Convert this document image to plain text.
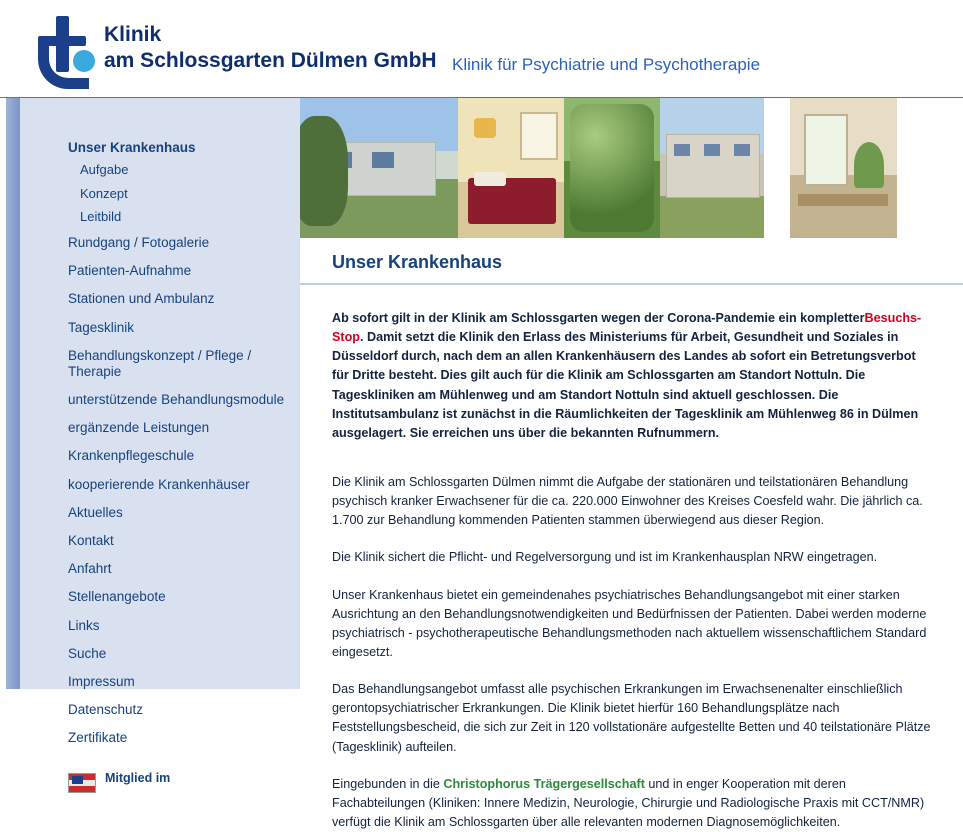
Klinik
am Schlossgarten Dülmen GmbH Klinik für Psychiatrie und Psychotherapie
Unser Krankenhaus
Aufgabe
Konzept
Leitbild
Rundgang / Fotogalerie
Patienten-Aufnahme
Stationen und Ambulanz
Tagesklinik
Behandlungskonzept / Pflege / Therapie
unterstützende Behandlungsmodule
ergänzende Leistungen
Krankenpflegeschule
kooperierende Krankenhäuser
Aktuelles
Kontakt
Anfahrt
Stellenangebote
Links
Suche
Impressum
Datenschutz
Zertifikate
Mitglied im
Unser Krankenhaus
Ab sofort gilt in der Klinik am Schlossgarten wegen der Corona-Pandemie ein kompletterBesuchs-Stop. Damit setzt die Klinik den Erlass des Ministeriums für Arbeit, Gesundheit und Soziales in Düsseldorf durch, nach dem an allen Krankenhäusern des Landes ab sofort ein Betretungsverbot für Dritte besteht. Dies gilt auch für die Klinik am Schlossgarten am Standort Nottuln. Die Tageskliniken am Mühlenweg und am Standort Nottuln sind aktuell geschlossen. Die Institutsambulanz ist zunächst in die Räumlichkeiten der Tagesklinik am Mühlenweg 86 in Dülmen ausgelagert. Sie erreichen uns über die bekannten Rufnummern.

Die Klinik am Schlossgarten Dülmen nimmt die Aufgabe der stationären und teilstationären Behandlung psychisch kranker Erwachsener für die ca. 220.000 Einwohner des Kreises Coesfeld wahr. Die jährlich ca. 1.700 zur Behandlung kommenden Patienten stammen überwiegend aus dieser Region.

Die Klinik sichert die Pflicht- und Regelversorgung und ist im Krankenhausplan NRW eingetragen.

Unser Krankenhaus bietet ein gemeindenahes psychiatrisches Behandlungsangebot mit einer starken Ausrichtung an den Behandlungsnotwendigkeiten und Bedürfnissen der Patienten. Dabei werden moderne psychiatrisch - psychotherapeutische Behandlungsmethoden nach aktuellem wissenschaftlichem Standard eingesetzt.

Das Behandlungsangebot umfasst alle psychischen Erkrankungen im Erwachsenenalter einschließlich gerontopsychiatrischer Erkrankungen. Die Klinik bietet hierfür 160 Behandlungsplätze nach Feststellungsbescheid, die sich zur Zeit in 120 vollstationäre aufgestellte Betten und 40 teilstationäre Plätze (Tagesklinik) aufteilen.

Eingebunden in die Christophorus Trägergesellschaft und in enger Kooperation mit deren Fachabteilungen (Kliniken: Innere Medizin, Neurologie, Chirurgie und Radiologische Praxis mit CCT/NMR) verfügt die Klinik am Schlossgarten über alle relevanten modernen Diagnosemöglichkeiten.
